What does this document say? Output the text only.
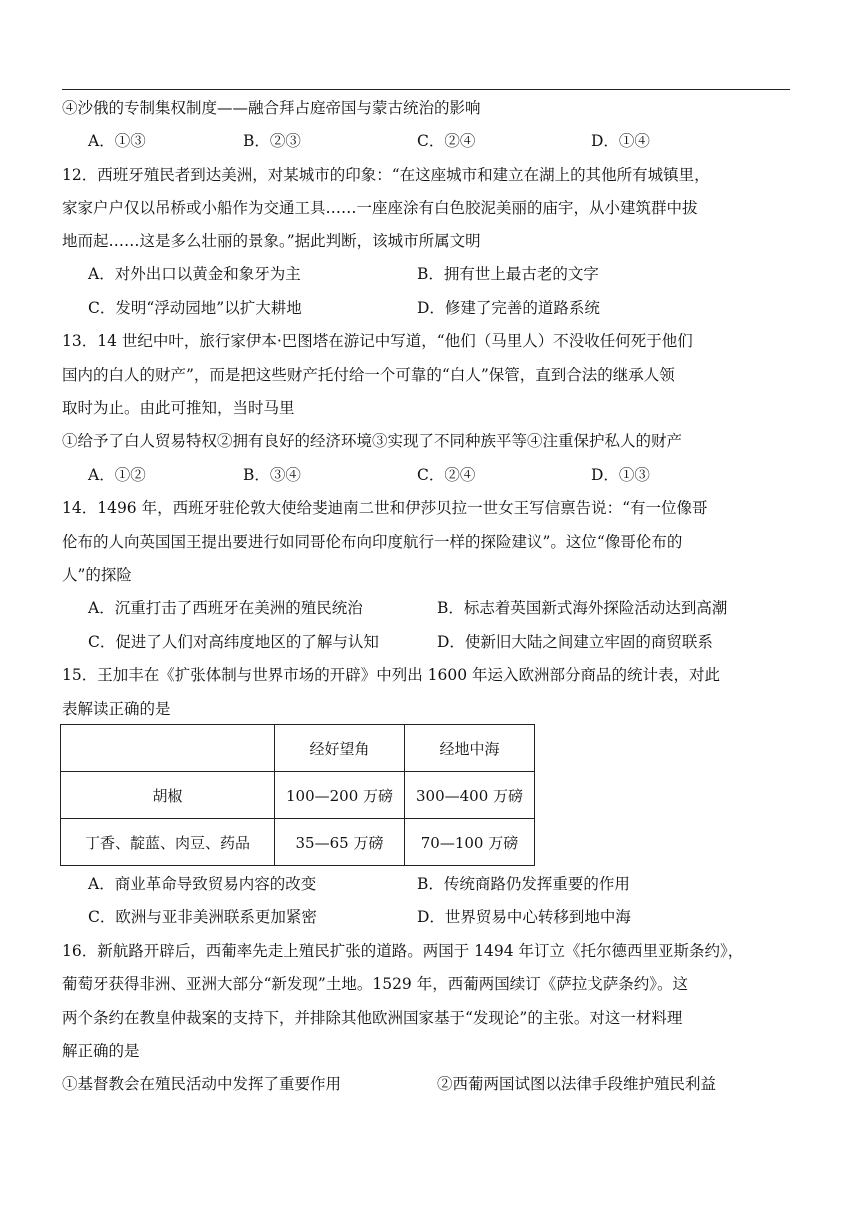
④沙俄的专制集权制度——融合拜占庭帝国与蒙古统治的影响
A．①③	B．②③	C．②④	D．①④
12．西班牙殖民者到达美洲，对某城市的印象：“在这座城市和建立在湖上的其他所有城镇里，
家家户户仅以吊桥或小船作为交通工具……一座座涂有白色胶泥美丽的庙宇，从小建筑群中拔
地而起……这是多么壮丽的景象。”据此判断，该城市所属文明
A．对外出口以黄金和象牙为主	B．拥有世上最古老的文字
C．发明“浮动园地”以扩大耕地	D．修建了完善的道路系统
13．14 世纪中叶，旅行家伊本·巴图塔在游记中写道，“他们（马里人）不没收任何死于他们
国内的白人的财产”，而是把这些财产托付给一个可靠的“白人”保管，直到合法的继承人领
取时为止。由此可推知，当时马里
①给予了白人贸易特权②拥有良好的经济环境③实现了不同种族平等④注重保护私人的财产
A．①②	B．③④	C．②④	D．①③
14．1496 年，西班牙驻伦敦大使给斐迪南二世和伊莎贝拉一世女王写信禀告说：“有一位像哥
伦布的人向英国国王提出要进行如同哥伦布向印度航行一样的探险建议”。这位“像哥伦布的
人”的探险
A．沉重打击了西班牙在美洲的殖民统治	B．标志着英国新式海外探险活动达到高潮
C．促进了人们对高纬度地区的了解与认知	D．使新旧大陆之间建立牢固的商贸联系
15．王加丰在《扩张体制与世界市场的开辟》中列出 1600 年运入欧洲部分商品的统计表，对此
表解读正确的是
	经好望角	经地中海
胡椒	100—200 万磅	300—400 万磅
丁香、靛蓝、肉豆、药品	35—65 万磅	70—100 万磅
A．商业革命导致贸易内容的改变	B．传统商路仍发挥重要的作用
C．欧洲与亚非美洲联系更加紧密	D．世界贸易中心转移到地中海
16．新航路开辟后，西葡率先走上殖民扩张的道路。两国于 1494 年订立《托尔德西里亚斯条约》，
葡萄牙获得非洲、亚洲大部分“新发现”土地。1529 年，西葡两国续订《萨拉戈萨条约》。这
两个条约在教皇仲裁案的支持下，并排除其他欧洲国家基于“发现论”的主张。对这一材料理
解正确的是
①基督教会在殖民活动中发挥了重要作用	②西葡两国试图以法律手段维护殖民利益
